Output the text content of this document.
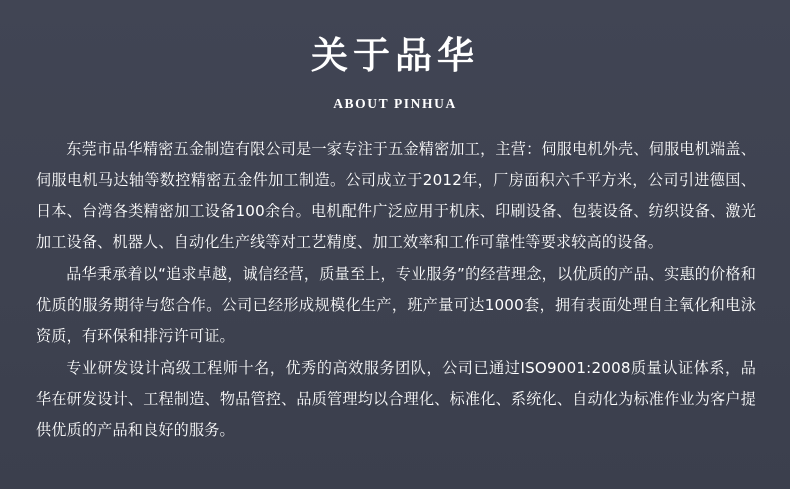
关于品华
ABOUT PINHUA

东莞市品华精密五金制造有限公司是一家专注于五金精密加工，主营：伺服电机外壳、伺服电机端盖、伺服电机马达轴等数控精密五金件加工制造。公司成立于2012年，厂房面积六千平方米，公司引进德国、日本、台湾各类精密加工设备100余台。电机配件广泛应用于机床、印刷设备、包装设备、纺织设备、激光加工设备、机器人、自动化生产线等对工艺精度、加工效率和工作可靠性等要求较高的设备。

品华秉承着以“追求卓越，诚信经营，质量至上，专业服务”的经营理念，以优质的产品、实惠的价格和优质的服务期待与您合作。公司已经形成规模化生产，班产量可达1000套，拥有表面处理自主氧化和电泳资质，有环保和排污许可证。

专业研发设计高级工程师十名，优秀的高效服务团队，公司已通过ISO9001:2008质量认证体系，品华在研发设计、工程制造、物品管控、品质管理均以合理化、标准化、系统化、自动化为标准作业为客户提供优质的产品和良好的服务。
